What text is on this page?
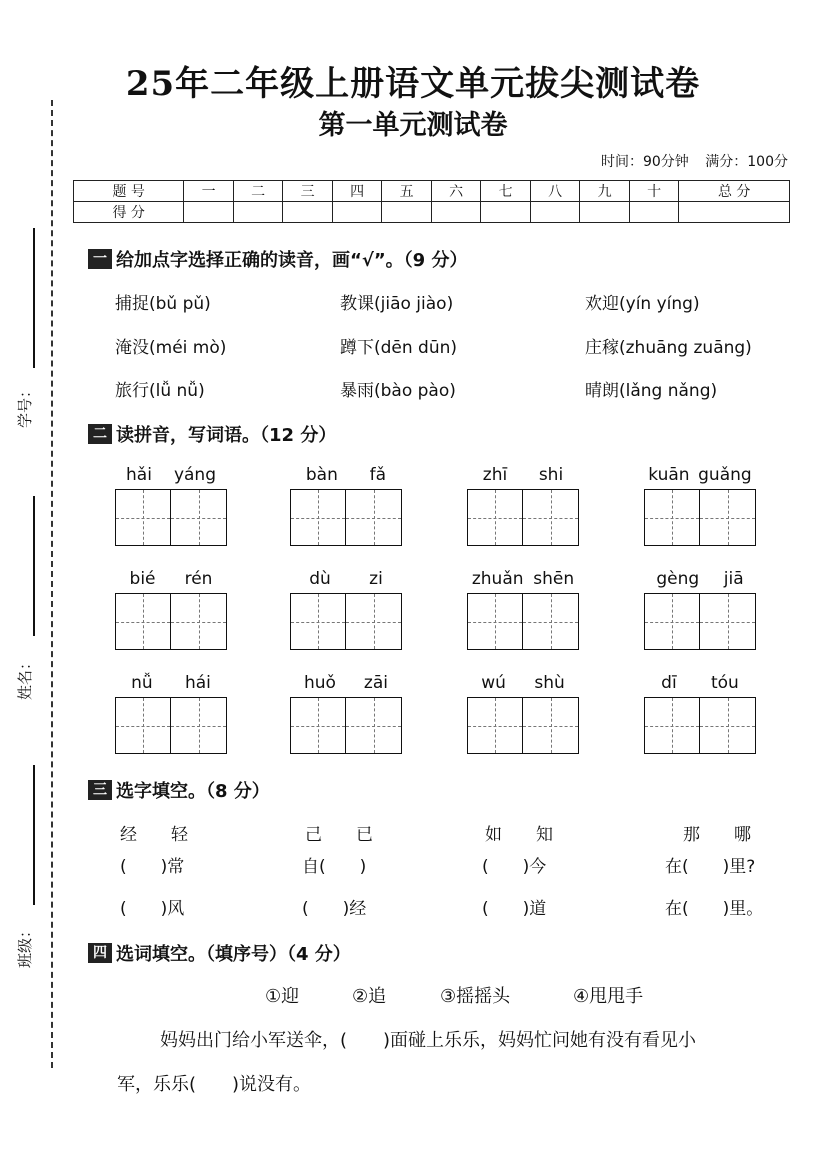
学号：
姓名：
班级：
25年二年级上册语文单元拔尖测试卷
第一单元测试卷
时间：90分钟 满分：100分
题 号	一	二	三	四	五	六	七	八	九	十	总 分
得 分											
一 给加点字选择正确的读音，画“√”。（9 分）
捕捉(bǔ pǔ)	教课(jiāo jiào)	欢迎(yín yíng)
淹没(méi mò)	蹲下(dēn dūn)	庄稼(zhuāng zuāng)
旅行(lǚ nǚ)	暴雨(bào pào)	晴朗(lǎng nǎng)
二 读拼音，写词语。（12 分）
hǎi yáng	bàn fǎ	zhī shi	kuān guǎng
bié rén	dù zi	zhuǎn shēn	gèng jiā
nǚ hái	huǒ zāi	wú shù	dī tóu
三 选字填空。（8 分）
经　　轻	己　　已	如　　知	那　　哪
(　　)常	自(　　)	(　　)今	在(　　)里?
(　　)风	(　　)经	(　　)道	在(　　)里。
四 选词填空。（填序号）（4 分）
①迎	②追	③摇摇头	④甩甩手
妈妈出门给小军送伞，(　　)面碰上乐乐，妈妈忙问她有没有看见小
军，乐乐(　　)说没有。
